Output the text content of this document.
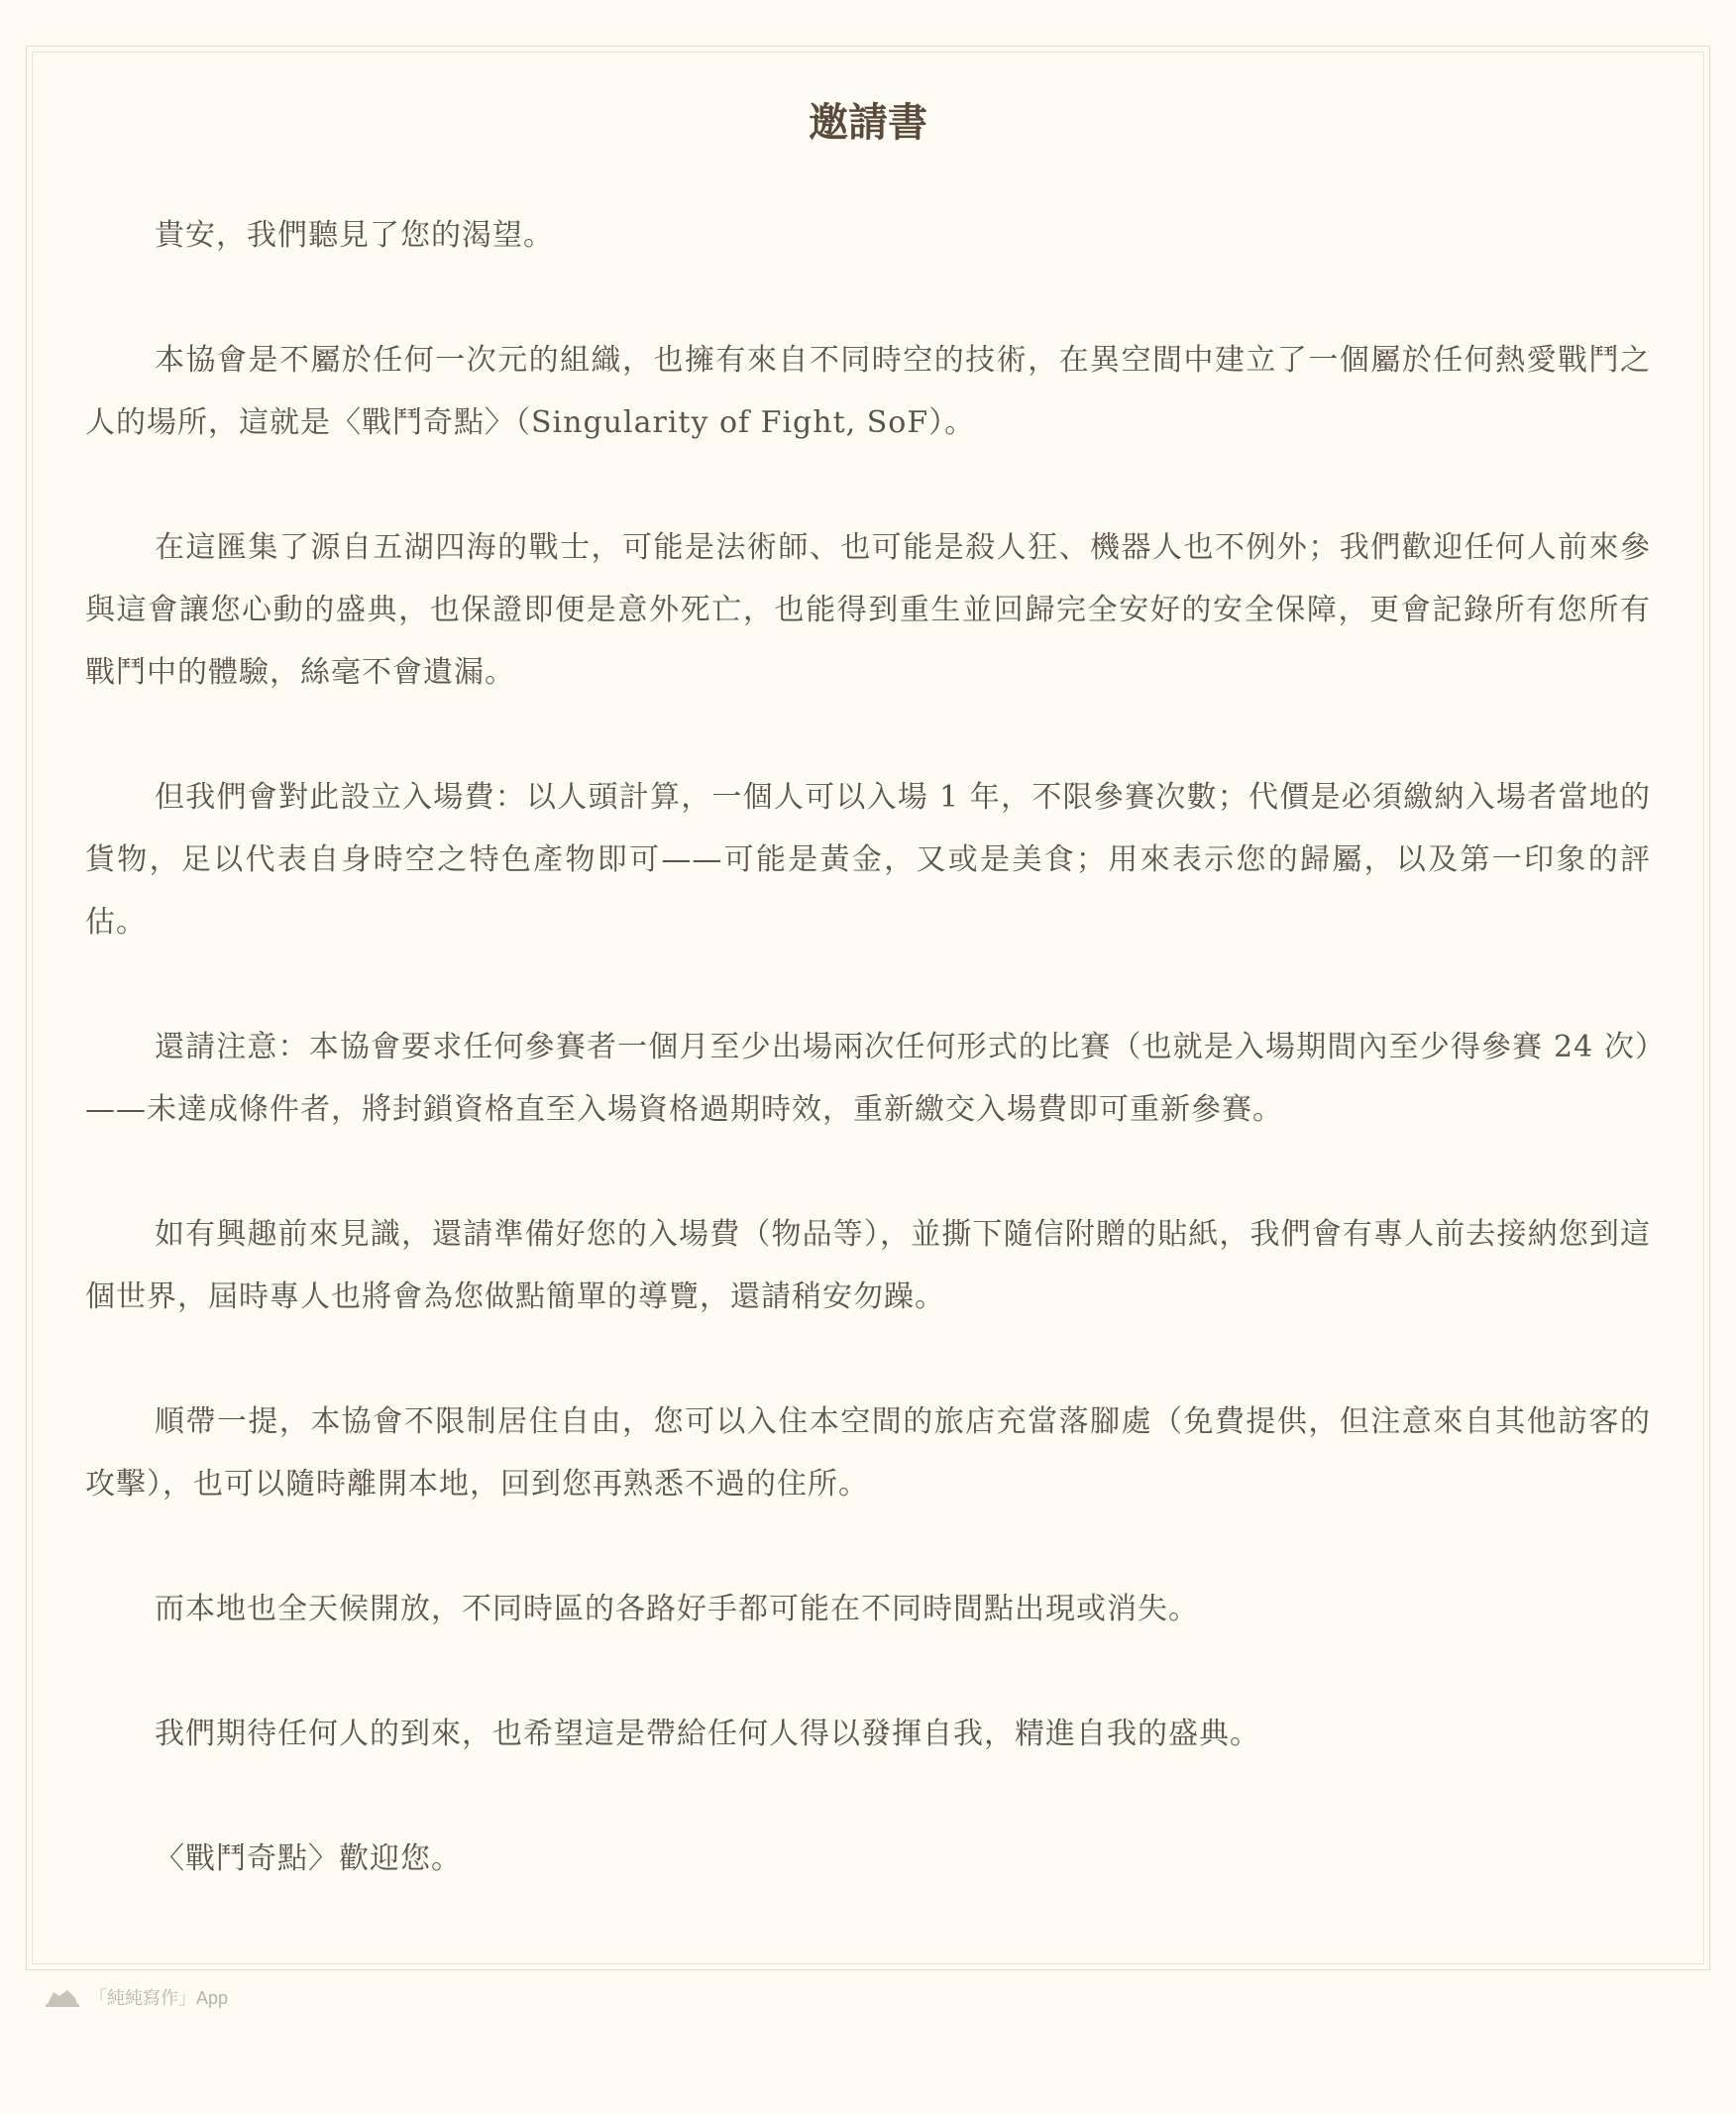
邀請書

貴安，我們聽見了您的渴望。

本協會是不屬於任何一次元的組織，也擁有來自不同時空的技術，在異空間中建立了一個屬於任何熱愛戰鬥之人的場所，這就是〈戰鬥奇點〉（Singularity of Fight, SoF）。

在這匯集了源自五湖四海的戰士，可能是法術師、也可能是殺人狂、機器人也不例外；我們歡迎任何人前來參與這會讓您心動的盛典，也保證即便是意外死亡，也能得到重生並回歸完全安好的安全保障，更會記錄所有您所有戰鬥中的體驗，絲毫不會遺漏。

但我們會對此設立入場費：以人頭計算，一個人可以入場 1 年，不限參賽次數；代價是必須繳納入場者當地的貨物，足以代表自身時空之特色產物即可——可能是黃金，又或是美食；用來表示您的歸屬，以及第一印象的評估。

還請注意：本協會要求任何參賽者一個月至少出場兩次任何形式的比賽（也就是入場期間內至少得參賽 24 次）——未達成條件者，將封鎖資格直至入場資格過期時效，重新繳交入場費即可重新參賽。

如有興趣前來見識，還請準備好您的入場費（物品等），並撕下隨信附贈的貼紙，我們會有專人前去接納您到這個世界，屆時專人也將會為您做點簡單的導覽，還請稍安勿躁。

順帶一提，本協會不限制居住自由，您可以入住本空間的旅店充當落腳處（免費提供，但注意來自其他訪客的攻擊），也可以隨時離開本地，回到您再熟悉不過的住所。

而本地也全天候開放，不同時區的各路好手都可能在不同時間點出現或消失。

我們期待任何人的到來，也希望這是帶給任何人得以發揮自我，精進自我的盛典。

〈戰鬥奇點〉歡迎您。

「純純寫作」App
